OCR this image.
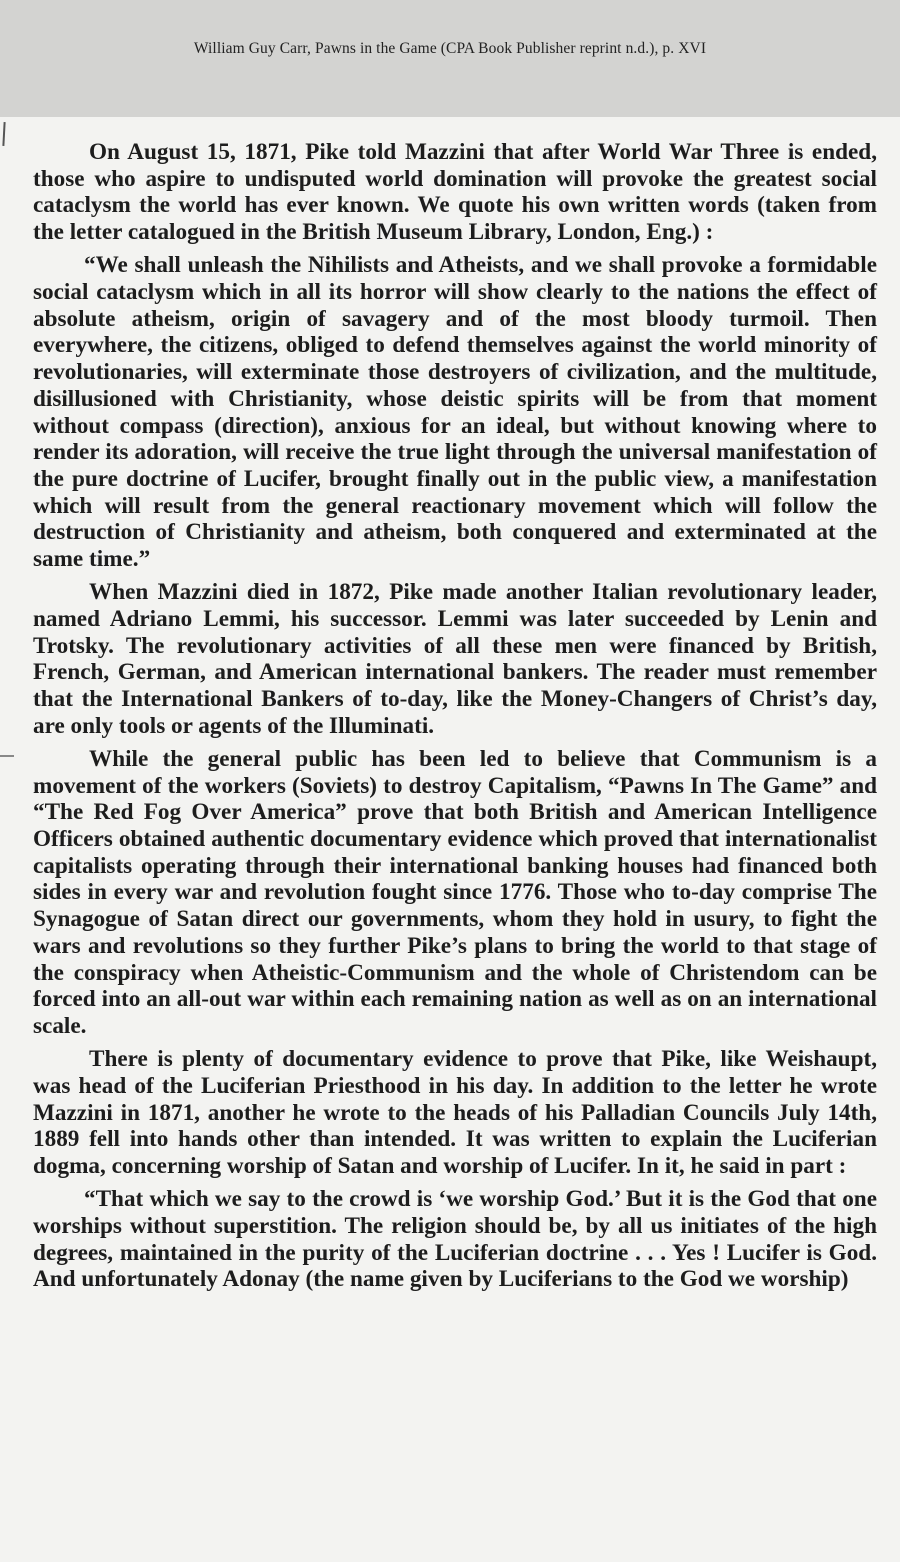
William Guy Carr, Pawns in the Game (CPA Book Publisher reprint n.d.), p. XVI

On August 15, 1871, Pike told Mazzini that after World War Three is ended, those who aspire to undisputed world domination will provoke the greatest social cataclysm the world has ever known. We quote his own written words (taken from the letter catalogued in the British Museum Library, London, Eng.) :

“We shall unleash the Nihilists and Atheists, and we shall provoke a formidable social cataclysm which in all its horror will show clearly to the nations the effect of absolute atheism, origin of savagery and of the most bloody turmoil. Then everywhere, the citizens, obliged to defend themselves against the world minority of revolutionaries, will exterminate those destroyers of civilization, and the multitude, disillusioned with Christianity, whose deistic spirits will be from that moment without compass (direction), anxious for an ideal, but without knowing where to render its adoration, will receive the true light through the universal manifestation of the pure doctrine of Lucifer, brought finally out in the public view, a manifestation which will result from the general reactionary movement which will follow the destruction of Christianity and atheism, both conquered and exterminated at the same time.”

When Mazzini died in 1872, Pike made another Italian revolutionary leader, named Adriano Lemmi, his successor. Lemmi was later succeeded by Lenin and Trotsky. The revolutionary activities of all these men were financed by British, French, German, and American international bankers. The reader must remember that the International Bankers of to-day, like the Money-Changers of Christ’s day, are only tools or agents of the Illuminati.

While the general public has been led to believe that Communism is a movement of the workers (Soviets) to destroy Capitalism, “Pawns In The Game” and “The Red Fog Over America” prove that both British and American Intelligence Officers obtained authentic documentary evidence which proved that internationalist capitalists operating through their international banking houses had financed both sides in every war and revolution fought since 1776. Those who to-day comprise The Synagogue of Satan direct our governments, whom they hold in usury, to fight the wars and revolutions so they further Pike’s plans to bring the world to that stage of the conspiracy when Atheistic-Communism and the whole of Christendom can be forced into an all-out war within each remaining nation as well as on an international scale.

There is plenty of documentary evidence to prove that Pike, like Weishaupt, was head of the Luciferian Priesthood in his day. In addition to the letter he wrote Mazzini in 1871, another he wrote to the heads of his Palladian Councils July 14th, 1889 fell into hands other than intended. It was written to explain the Luciferian dogma, concerning worship of Satan and worship of Lucifer. In it, he said in part :

“That which we say to the crowd is ‘we worship God.’ But it is the God that one worships without superstition. The religion should be, by all us initiates of the high degrees, maintained in the purity of the Luciferian doctrine . . . Yes ! Lucifer is God. And unfortunately Adonay (the name given by Luciferians to the God we worship)
